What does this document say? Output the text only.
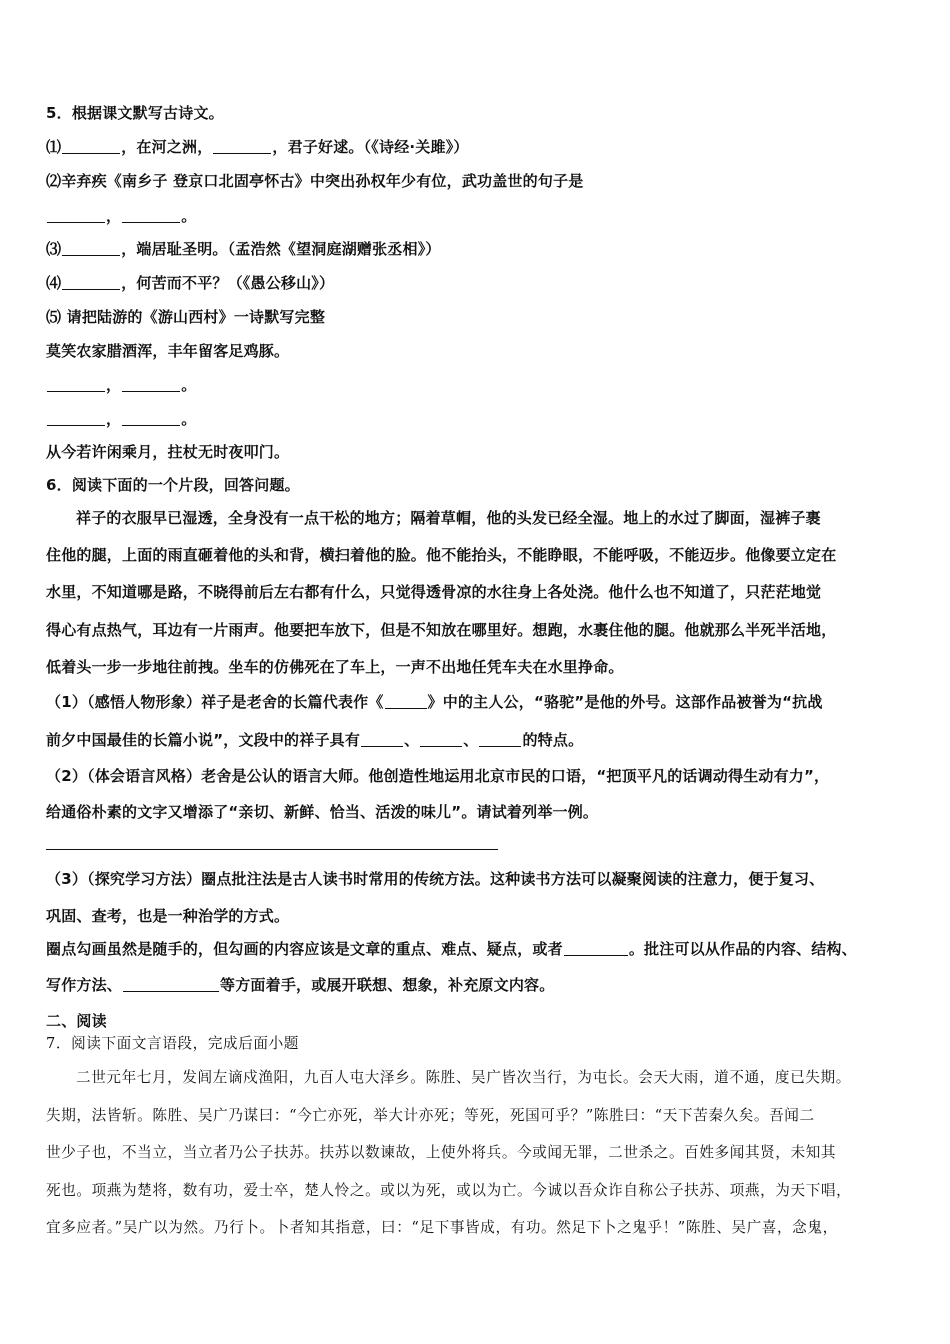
5．根据课文默写古诗文。

⑴	，在河之洲，	，君子好逑。（《诗经·关雎》）

⑵辛弃疾《南乡子 登京口北固亭怀古》中突出孙权年少有位，武功盖世的句子是

，	。

⑶	，端居耻圣明。（孟浩然《望洞庭湖赠张丞相》）

⑷	，何苦而不平？（《愚公移山》）

⑸ 请把陆游的《游山西村》一诗默写完整

莫笑农家腊酒浑，丰年留客足鸡豚。

，	。

，	。

从今若许闲乘月，拄杖无时夜叩门。

6．阅读下面的一个片段，回答问题。

祥子的衣服早已湿透，全身没有一点干松的地方；隔着草帽，他的头发已经全湿。地上的水过了脚面，湿裤子裹

住他的腿，上面的雨直砸着他的头和背，横扫着他的脸。他不能抬头，不能睁眼，不能呼吸，不能迈步。他像要立定在

水里，不知道哪是路，不晓得前后左右都有什么，只觉得透骨凉的水往身上各处浇。他什么也不知道了，只茫茫地觉

得心有点热气，耳边有一片雨声。他要把车放下，但是不知放在哪里好。想跑，水裹住他的腿。他就那么半死半活地，

低着头一步一步地往前拽。坐车的仿佛死在了车上，一声不出地任凭车夫在水里挣命。

（1）（感悟人物形象）祥子是老舍的长篇代表作《	》中的主人公，“骆驼”是他的外号。这部作品被誉为“抗战

前夕中国最佳的长篇小说”，文段中的祥子具有	、	、	的特点。

（2）（体会语言风格）老舍是公认的语言大师。他创造性地运用北京市民的口语，“把顶平凡的话调动得生动有力”，

给通俗朴素的文字又增添了“亲切、新鲜、恰当、活泼的味儿”。请试着列举一例。

（3）（探究学习方法）圈点批注法是古人读书时常用的传统方法。这种读书方法可以凝聚阅读的注意力，便于复习、

巩固、查考，也是一种治学的方式。

圈点勾画虽然是随手的，但勾画的内容应该是文章的重点、难点、疑点，或者	。批注可以从作品的内容、结构、

写作方法、	等方面着手，或展开联想、想象，补充原文内容。

二、阅读

7．阅读下面文言语段，完成后面小题

二世元年七月，发闾左谪戍渔阳，九百人屯大泽乡。陈胜、吴广皆次当行，为屯长。会天大雨，道不通，度已失期。

失期，法皆斩。陈胜、吴广乃谋曰：“今亡亦死，举大计亦死；等死，死国可乎？”陈胜曰：“天下苦秦久矣。吾闻二

世少子也，不当立，当立者乃公子扶苏。扶苏以数谏故，上使外将兵。今或闻无罪，二世杀之。百姓多闻其贤，未知其

死也。项燕为楚将，数有功，爱士卒，楚人怜之。或以为死，或以为亡。今诚以吾众诈自称公子扶苏、项燕，为天下唱，

宜多应者。”吴广以为然。乃行卜。卜者知其指意，曰：“足下事皆成，有功。然足下卜之鬼乎！”陈胜、吴广喜，念鬼，
